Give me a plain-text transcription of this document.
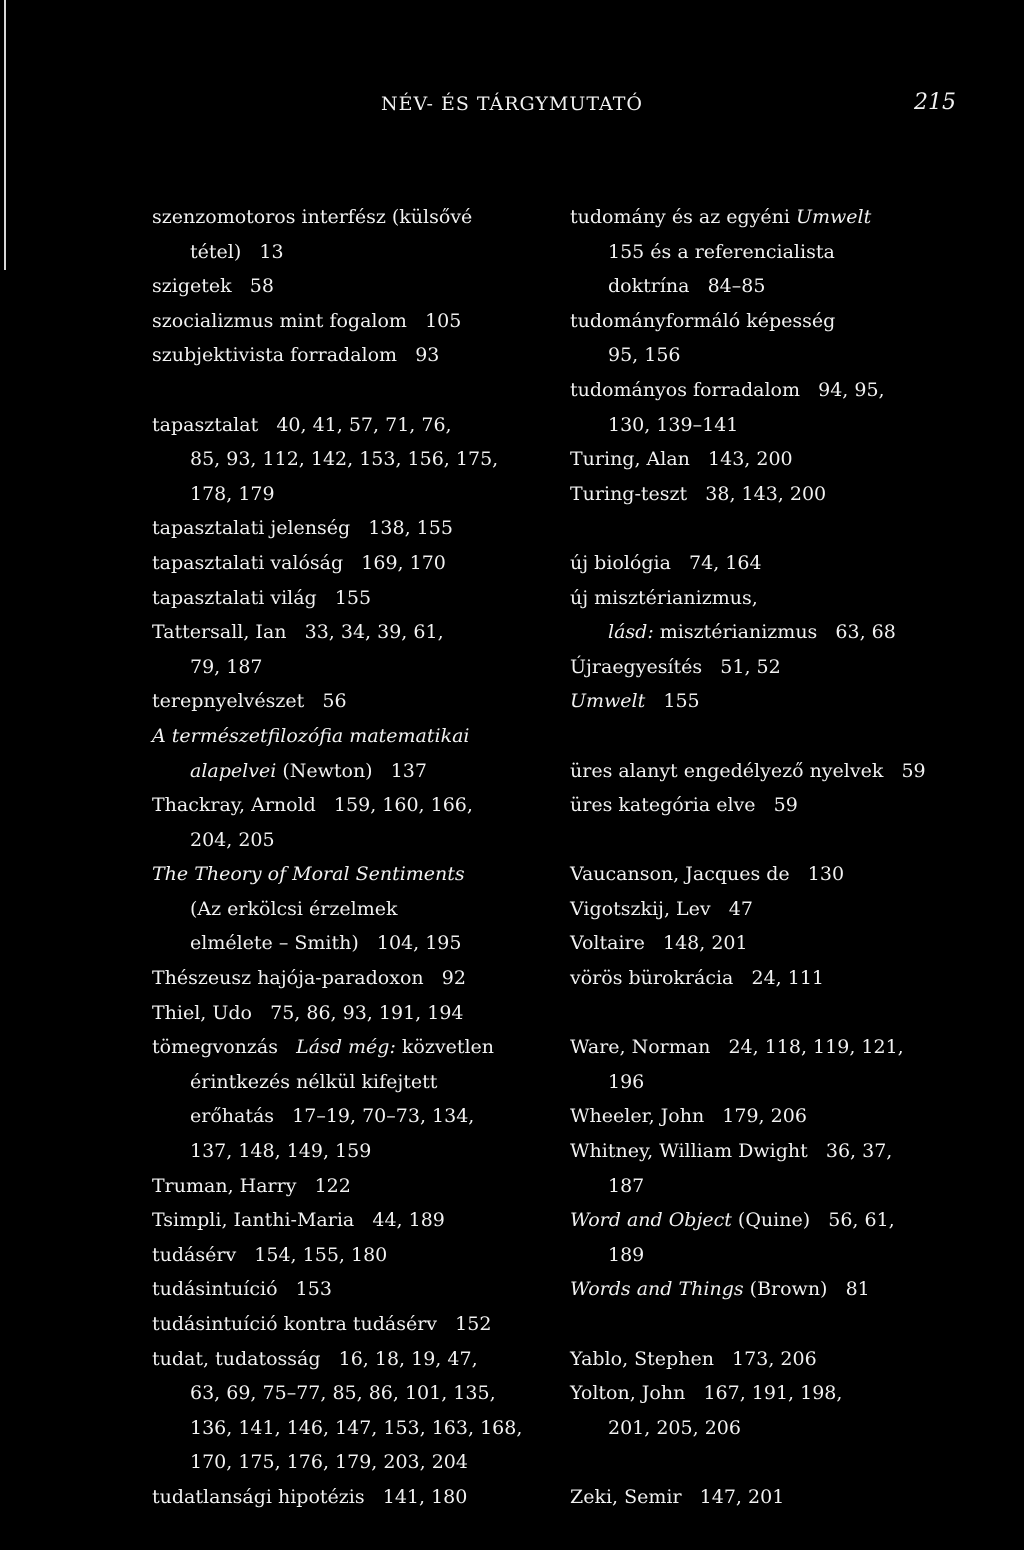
NÉV- ÉS TÁRGYMUTATÓ	215
szenzomotoros interfész (külsővé
tétel)   13
szigetek   58
szocializmus mint fogalom   105
szubjektivista forradalom   93
tapasztalat   40, 41, 57, 71, 76,
85, 93, 112, 142, 153, 156, 175,
178, 179
tapasztalati jelenség   138, 155
tapasztalati valóság   169, 170
tapasztalati világ   155
Tattersall, Ian   33, 34, 39, 61,
79, 187
terepnyelvészet   56
A természetfilozófia matematikai
alapelvei (Newton)   137
Thackray, Arnold   159, 160, 166,
204, 205
The Theory of Moral Sentiments
(Az erkölcsi érzelmek
elmélete – Smith)   104, 195
Thészeusz hajója-paradoxon   92
Thiel, Udo   75, 86, 93, 191, 194
tömegvonzás   Lásd még: közvetlen
érintkezés nélkül kifejtett
erőhatás   17–19, 70–73, 134,
137, 148, 149, 159
Truman, Harry   122
Tsimpli, Ianthi-Maria   44, 189
tudásérv   154, 155, 180
tudásintuíció   153
tudásintuíció kontra tudásérv   152
tudat, tudatosság   16, 18, 19, 47,
63, 69, 75–77, 85, 86, 101, 135,
136, 141, 146, 147, 153, 163, 168,
170, 175, 176, 179, 203, 204
tudatlansági hipotézis   141, 180
tudomány és az egyéni Umwelt
155 és a referencialista
doktrína   84–85
tudományformáló képesség
95, 156
tudományos forradalom   94, 95,
130, 139–141
Turing, Alan   143, 200
Turing-teszt   38, 143, 200
új biológia   74, 164
új misztérianizmus,
lásd: misztérianizmus   63, 68
Újraegyesítés   51, 52
Umwelt   155
üres alanyt engedélyező nyelvek   59
üres kategória elve   59
Vaucanson, Jacques de   130
Vigotszkij, Lev   47
Voltaire   148, 201
vörös bürokrácia   24, 111
Ware, Norman   24, 118, 119, 121,
196
Wheeler, John   179, 206
Whitney, William Dwight   36, 37,
187
Word and Object (Quine)   56, 61,
189
Words and Things (Brown)   81
Yablo, Stephen   173, 206
Yolton, John   167, 191, 198,
201, 205, 206
Zeki, Semir   147, 201
